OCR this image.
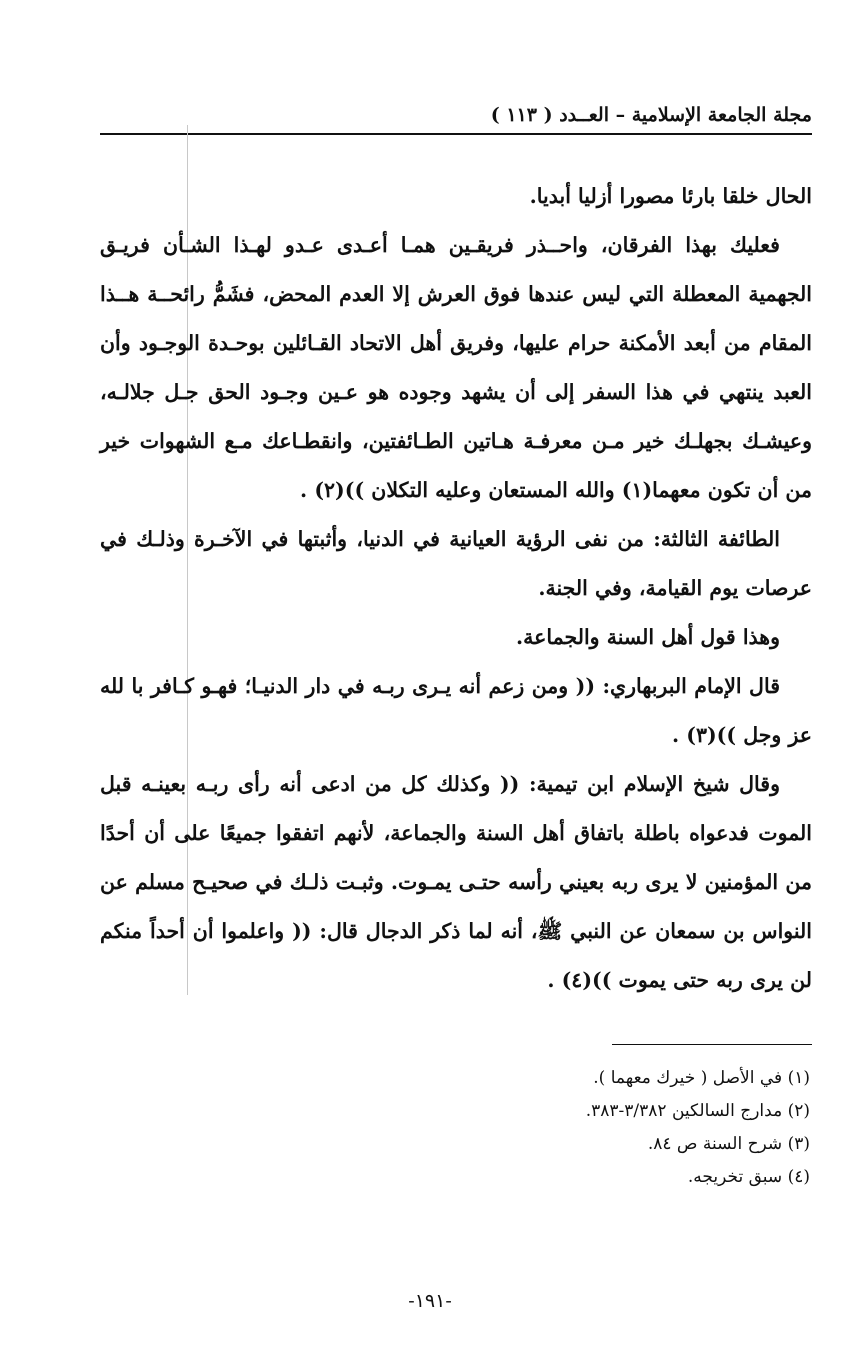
مجلة الجامعة الإسلامية – العــدد ( ١١٣ )

الحال خلقا بارئا مصورا أزليا أبديا.

فعليك بهذا الفرقان، واحــذر فريقـين همـا أعـدى عـدو لهـذا الشـأن فريـق الجهمية المعطلة التي ليس عندها فوق العرش إلا العدم المحض، فشَمُّ رائحــة هــذا المقام من أبعد الأمكنة حرام عليها، وفريق أهل الاتحاد القـائلين بوحـدة الوجـود وأن العبد ينتهي في هذا السفر إلى أن يشهد وجوده هو عـين وجـود الحق جـل جلالـه، وعيشـك بجهلـك خير مـن معرفـة هـاتين الطـائفتين، وانقطـاعك مـع الشهوات خير من أن تكون معهما(١) والله المستعان وعليه التكلان ))(٢) .

الطائفة الثالثة: من نفى الرؤية العيانية في الدنيا، وأثبتها في الآخـرة وذلـك في عرصات يوم القيامة، وفي الجنة.

وهذا قول أهل السنة والجماعة.

قال الإمام البربهاري: (( ومن زعم أنه يـرى ربـه في دار الدنيـا؛ فهـو كـافر با لله عز وجل ))(٣) .

وقال شيخ الإسلام ابن تيمية: (( وكذلك كل من ادعى أنه رأى ربـه بعينـه قبل الموت فدعواه باطلة باتفاق أهل السنة والجماعة، لأنهم اتفقوا جميعًا على أن أحدًا من المؤمنين لا يرى ربه بعيني رأسه حتـى يمـوت. وثبـت ذلـك في صحيـح مسلم عن النواس بن سمعان عن النبي ﷺ، أنه لما ذكر الدجال قال: (( واعلموا أن أحداً منكم لن يرى ربه حتى يموت ))(٤) .

(١) في الأصل ( خيرك معهما ).
(٢) مدارج السالكين ٣/٣٨٢-٣٨٣.
(٣) شرح السنة ص ٨٤.
(٤) سبق تخريجه.
-١٩١-
